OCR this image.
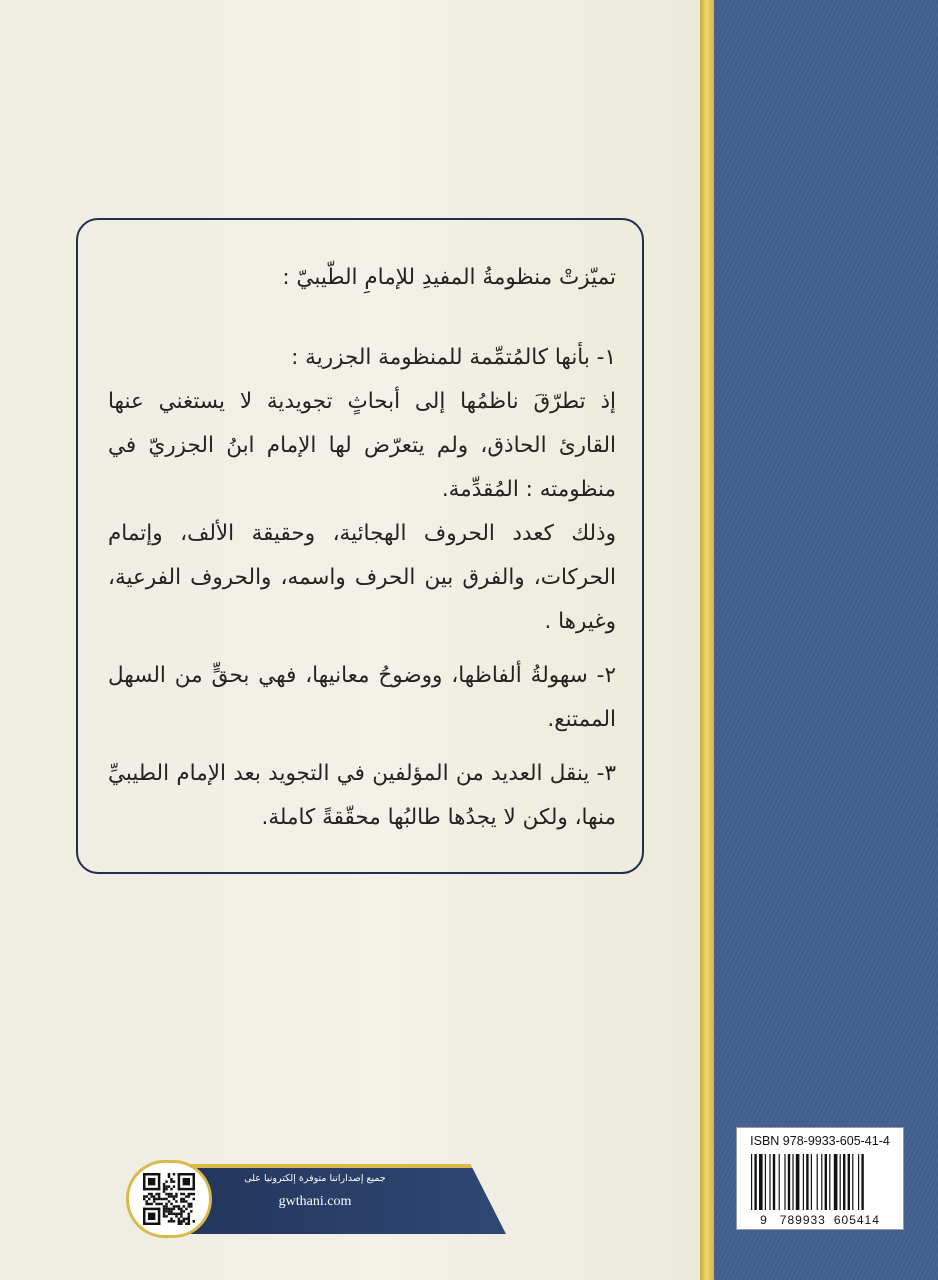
تميّزتْ منظومةُ المفيدِ للإمامِ الطّيبيّ :

١- بأنها كالمُتمِّمة للمنظومة الجزرية :

إذ تطرّقَ ناظمُها إلى أبحاثٍ تجويدية لا يستغني عنها القارئ الحاذق، ولم يتعرّض لها الإمام ابنُ الجزريّ في منظومته : المُقدِّمة.

وذلك كعدد الحروف الهجائية، وحقيقة الألف، وإتمام الحركات، والفرق بين الحرف واسمه، والحروف الفرعية، وغيرها .

٢- سهولةُ ألفاظها، ووضوحُ معانيها، فهي بحقٍّ من السهل الممتنع.

٣- ينقل العديد من المؤلفين في التجويد بعد الإمام الطيبيِّ منها، ولكن لا يجدُها طالبُها محقّقةً كاملة.

ISBN 978-9933-605-41-4
9 789933 605414
جميع إصداراتنا متوفرة إلكترونيا على
gwthani.com
